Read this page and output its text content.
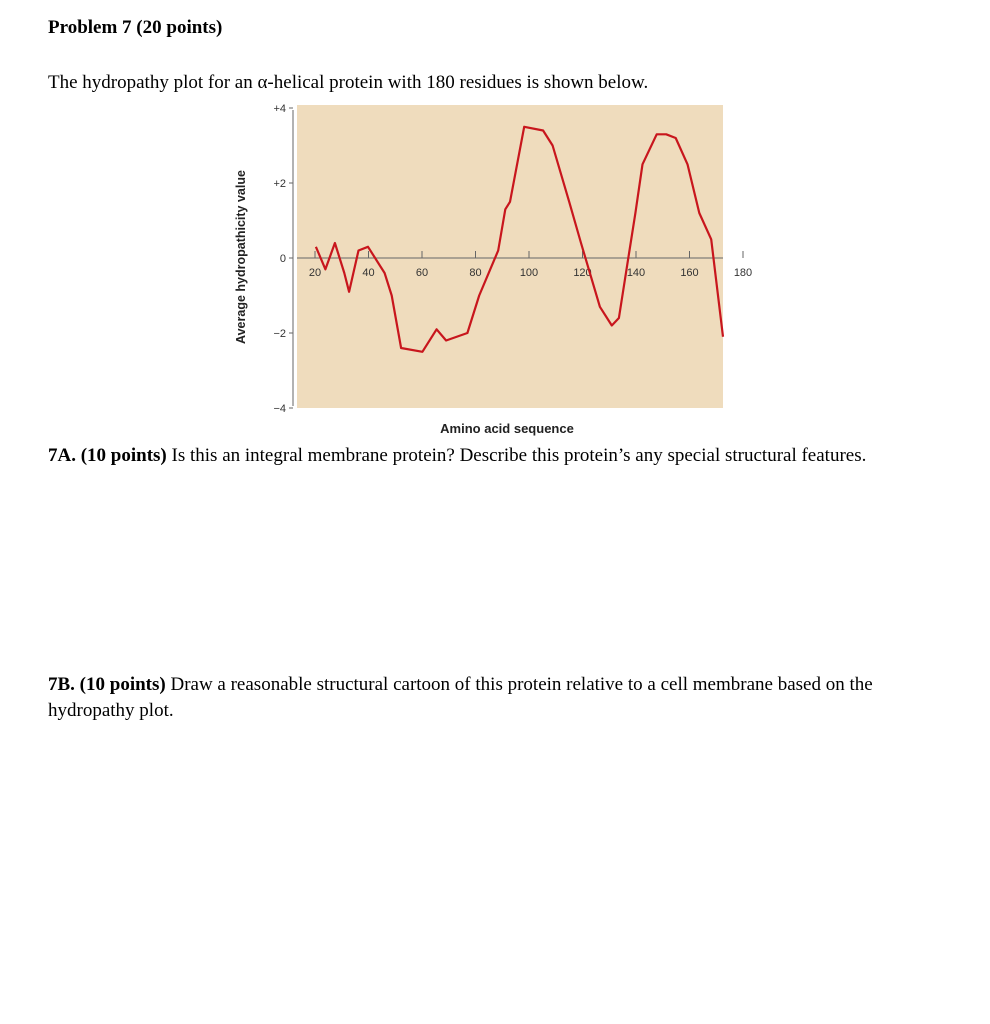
Problem 7 (20 points)

The hydropathy plot for an α-helical protein with 180 residues is shown below.

+4
+2
0
−2
−4
20	40	60	80	100	120	140	160	180
Average hydropathicity value
Amino acid sequence

7A. (10 points) Is this an integral membrane protein? Describe this protein’s any special structural features.

7B. (10 points) Draw a reasonable structural cartoon of this protein relative to a cell membrane based on the hydropathy plot.
